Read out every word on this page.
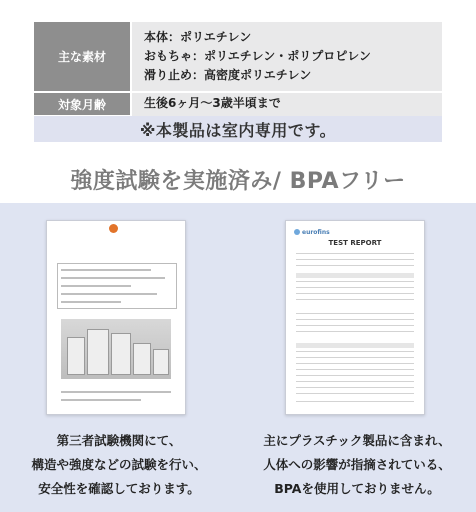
主な素材
本体：ポリエチレン
おもちゃ：ポリエチレン・ポリプロピレン
滑り止め：高密度ポリエチレン
対象月齢	生後6ヶ月〜3歳半頃まで
※本製品は室内専用です。
強度試験を実施済み/ BPAフリー
eurofins
TEST REPORT
第三者試験機関にて、
構造や強度などの試験を行い、
安全性を確認しております。
主にプラスチック製品に含まれ、
人体への影響が指摘されている、
BPAを使用しておりません。
